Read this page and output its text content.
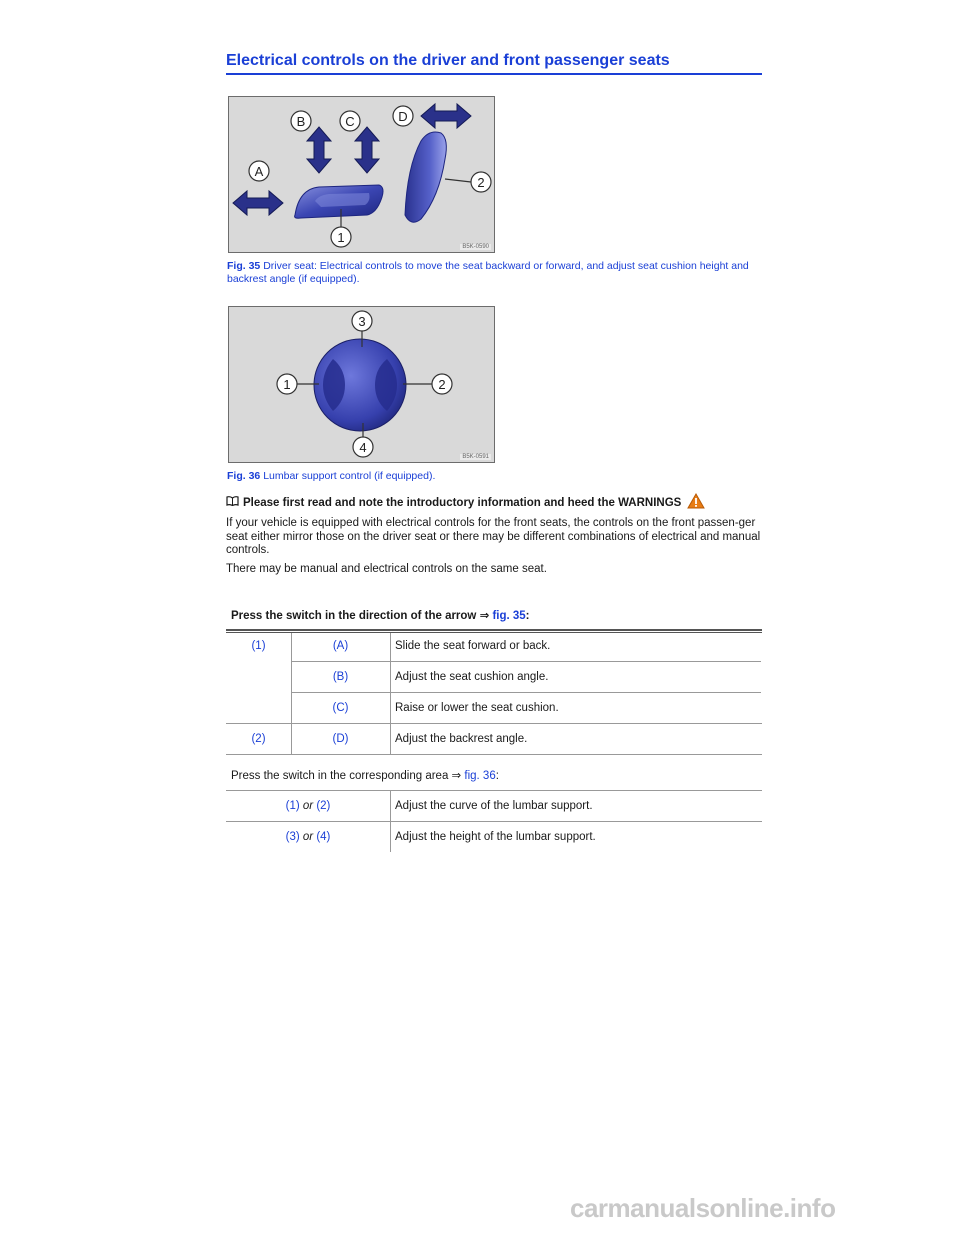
Electrical controls on the driver and front passenger seats
A
B	C	D
1
2
B5K-0590
Fig. 35 Driver seat: Electrical controls to move the seat backward or forward, and adjust seat cushion height and backrest angle (if equipped).
3
1	2
4
B5K-0591
Fig. 36 Lumbar support control (if equipped).
Please first read and note the introductory information and heed the WARNINGS
If your vehicle is equipped with electrical controls for the front seats, the controls on the front passen-ger seat either mirror those on the driver seat or there may be different combinations of electrical and manual controls.
There may be manual and electrical controls on the same seat.
Press the switch in the direction of the arrow ⇒ fig. 35:
(1)	(A)	Slide the seat forward or back.
(B)	Adjust the seat cushion angle.
(C)	Raise or lower the seat cushion.
(2)	(D)	Adjust the backrest angle.
Press the switch in the corresponding area ⇒ fig. 36:
(1) or (2)	Adjust the curve of the lumbar support.
(3) or (4)	Adjust the height of the lumbar support.
carmanualsonline.info
